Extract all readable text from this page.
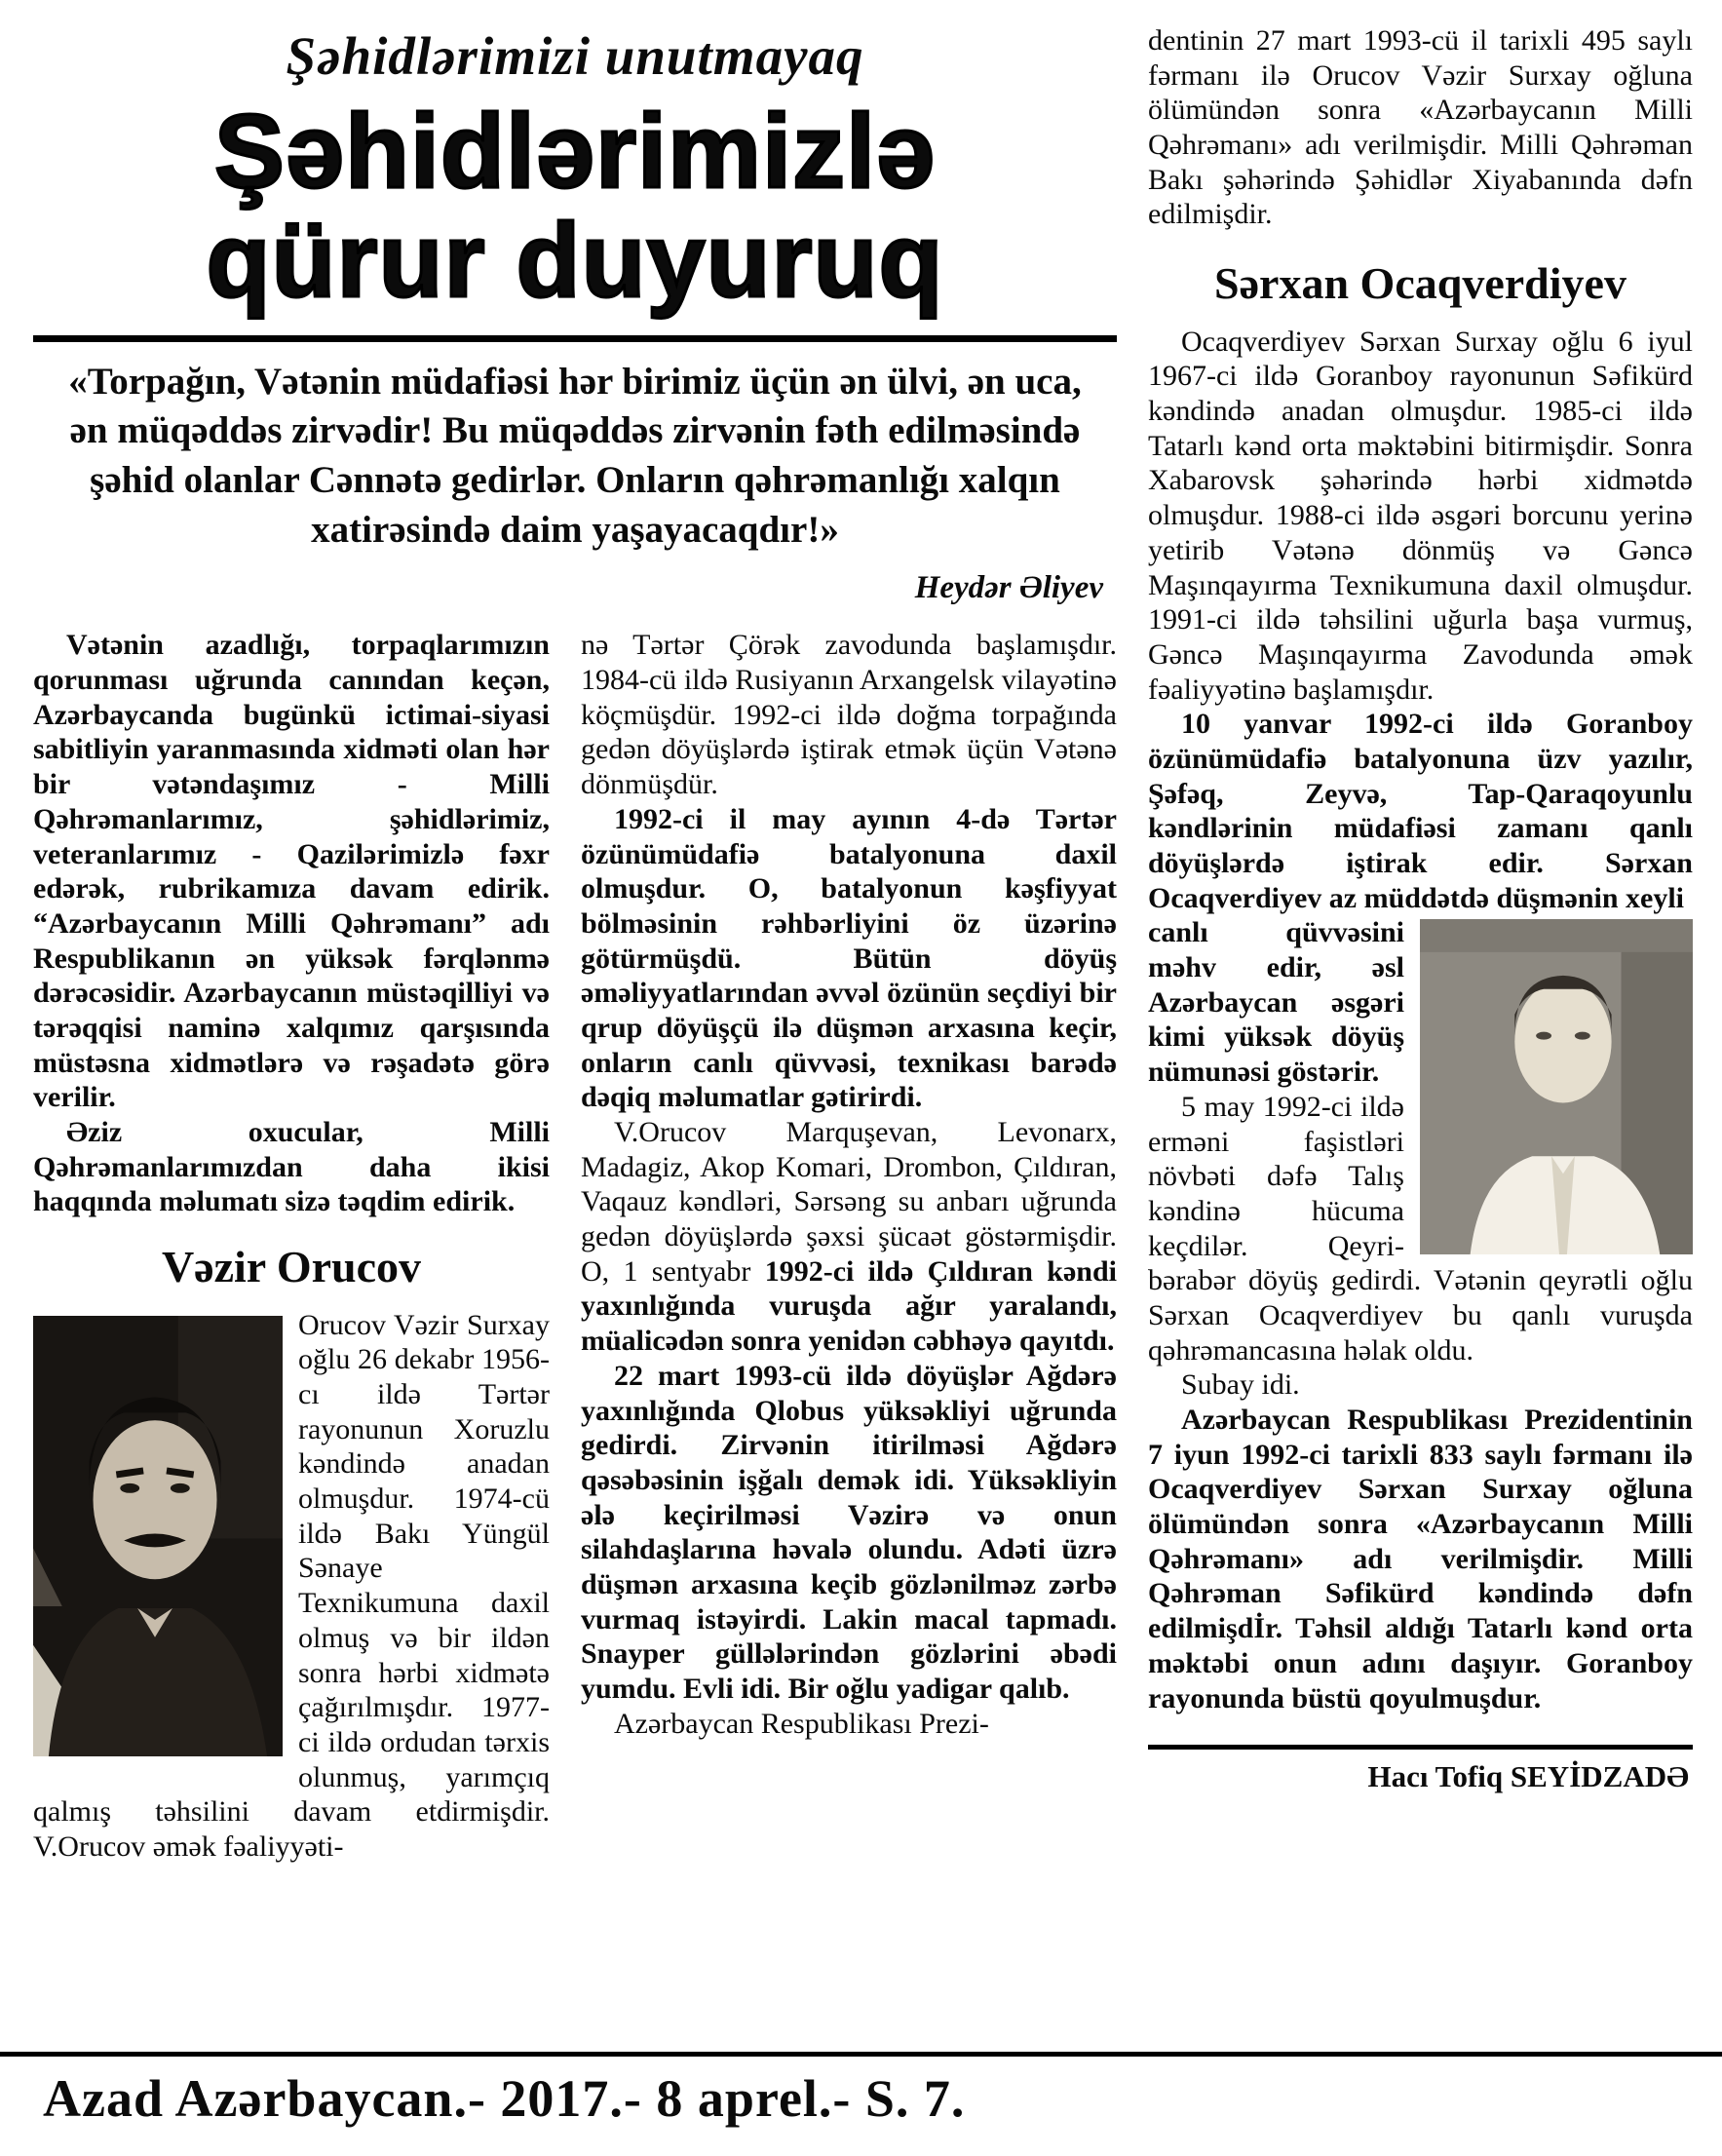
Şəhidlərimizi unutmayaq
Şəhidlərimizlə
qürur duyuruq

«Torpağın, Vətənin müdafiəsi hər birimiz üçün ən ülvi, ən uca, ən müqəddəs zirvədir! Bu müqəddəs zirvənin fəth edilməsində şəhid olanlar Cənnətə gedirlər. Onların qəhrəmanlığı xalqın xatirəsində daim yaşayacaqdır!»

Heydər Əliyev

Vətənin azadlığı, torpaqlarımızın qorunması uğrunda canından keçən, Azərbaycanda bugünkü ictimai-siyasi sabitliyin yaranmasında xidməti olan hər bir vətəndaşımız - Milli Qəhrəmanlarımız, şəhidlərimiz, veteranlarımız - Qazilərimizlə fəxr edərək, rubrikamıza davam edirik. “Azərbaycanın Milli Qəhrəmanı” adı Respublikanın ən yüksək fərqlənmə dərəcəsidir. Azərbaycanın müstəqilliyi və tərəqqisi naminə xalqımız qarşısında müstəsna xidmətlərə və rəşadətə görə verilir.

Əziz oxucular, Milli Qəhrəmanlarımızdan daha ikisi haqqında məlumatı sizə təqdim edirik.

Vəzir Orucov

Orucov Vəzir Surxay oğlu 26 dekabr 1956-cı ildə Tərtər rayonunun Xoruzlu kəndində anadan olmuşdur. 1974-cü ildə Bakı Yüngül Sənaye Texnikumuna daxil olmuş və bir ildən sonra hərbi xidmətə çağırılmışdır. 1977-ci ildə ordudan tərxis olunmuş, yarımçıq qalmış təhsilini davam etdirmişdir. V.Orucov əmək fəaliyyəti-

nə Tərtər Çörək zavodunda başlamışdır. 1984-cü ildə Rusiyanın Arxangelsk vilayətinə köçmüşdür. 1992-ci ildə doğma torpağında gedən döyüşlərdə iştirak etmək üçün Vətənə dönmüşdür.

1992-ci il may ayının 4-də Tərtər özünümüdafiə batalyonuna daxil olmuşdur. O, batalyonun kəşfiyyat bölməsinin rəhbərliyini öz üzərinə götürmüşdü. Bütün döyüş əməliyyatlarından əvvəl özünün seçdiyi bir qrup döyüşçü ilə düşmən arxasına keçir, onların canlı qüvvəsi, texnikası barədə dəqiq məlumatlar gətirirdi.

V.Orucov Marquşevan, Levonarx, Madagiz, Akop Komari, Drombon, Çıldıran, Vaqauz kəndləri, Sərsəng su anbarı uğrunda gedən döyüşlərdə şəxsi şücaət göstərmişdir. O, 1 sentyabr 1992-ci ildə Çıldıran kəndi yaxınlığında vuruşda ağır yaralandı, müalicədən sonra yenidən cəbhəyə qayıtdı.

22 mart 1993-cü ildə döyüşlər Ağdərə yaxınlığında Qlobus yüksəkliyi uğrunda gedirdi. Zirvənin itirilməsi Ağdərə qəsəbəsinin işğalı demək idi. Yüksəkliyin ələ keçirilməsi Vəzirə və onun silahdaşlarına həvalə olundu. Adəti üzrə düşmən arxasına keçib gözlənilməz zərbə vurmaq istəyirdi. Lakin macal tapmadı. Snayper güllələrindən gözlərini əbədi yumdu. Evli idi. Bir oğlu yadigar qalıb.

Azərbaycan Respublikası Prezi-

dentinin 27 mart 1993-cü il tarixli 495 saylı fərmanı ilə Orucov Vəzir Surxay oğluna ölümündən sonra «Azərbaycanın Milli Qəhrəmanı» adı verilmişdir. Milli Qəhrəman Bakı şəhərində Şəhidlər Xiyabanında dəfn edilmişdir.

Sərxan Ocaqverdiyev

Ocaqverdiyev Sərxan Surxay oğlu 6 iyul 1967-ci ildə Goranboy rayonunun Səfikürd kəndində anadan olmuşdur. 1985-ci ildə Tatarlı kənd orta məktəbini bitirmişdir. Sonra Xabarovsk şəhərində hərbi xidmətdə olmuşdur. 1988-ci ildə əsgəri borcunu yerinə yetirib Vətənə dönmüş və Gəncə Maşınqayırma Texnikumuna daxil olmuşdur. 1991-ci ildə təhsilini uğurla başa vurmuş, Gəncə Maşınqayırma Zavodunda əmək fəaliyyətinə başlamışdır.

10 yanvar 1992-ci ildə Goranboy özünümüdafiə batalyonuna üzv yazılır, Şəfəq, Zeyvə, Tap-Qaraqoyunlu kəndlərinin müdafiəsi zamanı qanlı döyüşlərdə iştirak edir. Sərxan Ocaqverdiyev az müddətdə düşmənin xeyli

canlı qüvvəsini məhv edir, əsl Azərbaycan əsgəri kimi yüksək döyüş nümunəsi göstərir.

5 may 1992-ci ildə erməni faşistləri növbəti dəfə Talış kəndinə hücuma keçdilər. Qeyri-bərabər döyüş gedirdi. Vətənin qeyrətli oğlu Sərxan Ocaqverdiyev bu qanlı vuruşda qəhrəmancasına həlak oldu.

Subay idi.

Azərbaycan Respublikası Prezidentinin 7 iyun 1992-ci tarixli 833 saylı fərmanı ilə Ocaqverdiyev Sərxan Surxay oğluna ölümündən sonra «Azərbaycanın Milli Qəhrəmanı» adı verilmişdir. Milli Qəhrəman Səfikürd kəndində dəfn edilmişdİr. Təhsil aldığı Tatarlı kənd orta məktəbi onun adını daşıyır. Goranboy rayonunda büstü qoyulmuşdur.

Hacı Tofiq SEYİDZADƏ
Azad Azərbaycan.- 2017.- 8 aprel.- S. 7.
